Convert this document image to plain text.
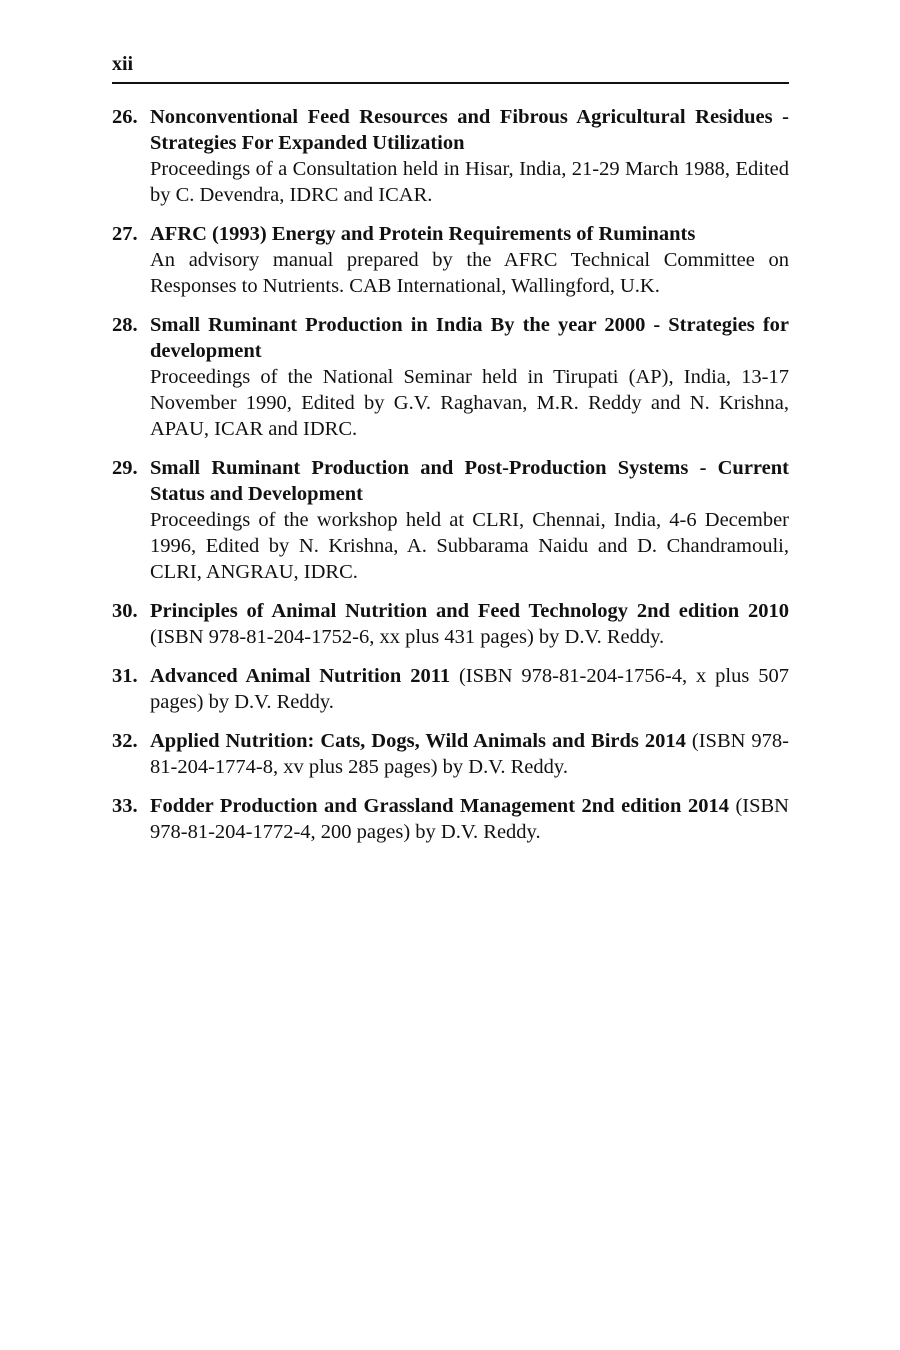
xii
26. Nonconventional Feed Resources and Fibrous Agricultural Residues - Strategies For Expanded Utilization
Proceedings of a Consultation held in Hisar, India, 21-29 March 1988, Edited by C. Devendra, IDRC and ICAR.
27. AFRC (1993) Energy and Protein Requirements of Ruminants
An advisory manual prepared by the AFRC Technical Committee on Responses to Nutrients. CAB International, Wallingford, U.K.
28. Small Ruminant Production in India By the year 2000 - Strategies for development
Proceedings of the National Seminar held in Tirupati (AP), India, 13-17 November 1990, Edited by G.V. Raghavan, M.R. Reddy and N. Krishna, APAU, ICAR and IDRC.
29. Small Ruminant Production and Post-Production Systems - Current Status and Development
Proceedings of the workshop held at CLRI, Chennai, India, 4-6 December 1996, Edited by N. Krishna, A. Subbarama Naidu and D. Chandramouli, CLRI, ANGRAU, IDRC.
30. Principles of Animal Nutrition and Feed Technology 2nd edition 2010 (ISBN 978-81-204-1752-6, xx plus 431 pages) by D.V. Reddy.
31. Advanced Animal Nutrition 2011 (ISBN 978-81-204-1756-4, x plus 507 pages) by D.V. Reddy.
32. Applied Nutrition: Cats, Dogs, Wild Animals and Birds 2014 (ISBN 978-81-204-1774-8, xv plus 285 pages) by D.V. Reddy.
33. Fodder Production and Grassland Management 2nd edition 2014 (ISBN 978-81-204-1772-4, 200 pages) by D.V. Reddy.
